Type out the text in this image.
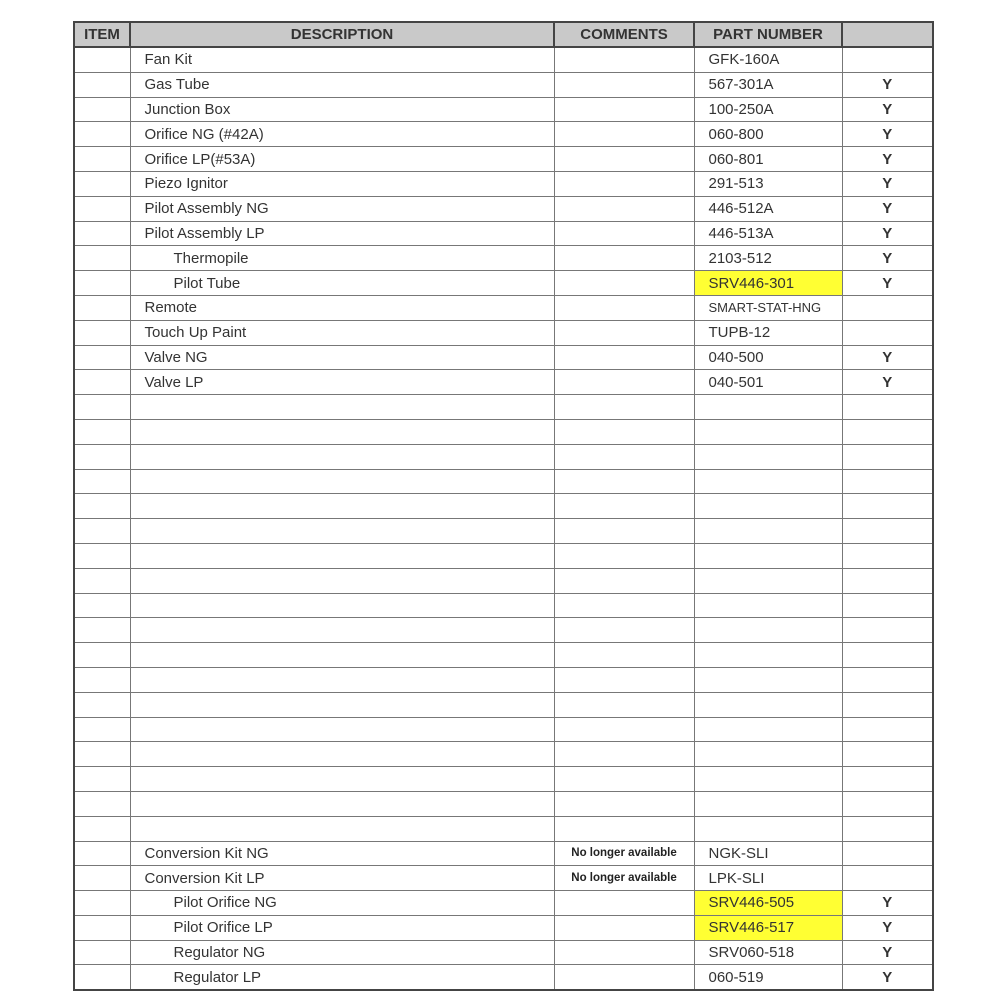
ITEM	DESCRIPTION	COMMENTS	PART NUMBER	
	Fan Kit		GFK-160A	
	Gas Tube		567-301A	Y
	Junction Box		100-250A	Y
	Orifice NG (#42A)		060-800	Y
	Orifice LP(#53A)		060-801	Y
	Piezo Ignitor		291-513	Y
	Pilot Assembly NG		446-512A	Y
	Pilot Assembly LP		446-513A	Y
	Thermopile		2103-512	Y
	Pilot Tube		SRV446-301	Y
	Remote		SMART-STAT-HNG	
	Touch Up Paint		TUPB-12	
	Valve NG		040-500	Y
	Valve LP		040-501	Y

	Conversion Kit NG	No longer available	NGK-SLI	
	Conversion Kit LP	No longer available	LPK-SLI	
	Pilot Orifice NG		SRV446-505	Y
	Pilot Orifice LP		SRV446-517	Y
	Regulator NG		SRV060-518	Y
	Regulator LP		060-519	Y
